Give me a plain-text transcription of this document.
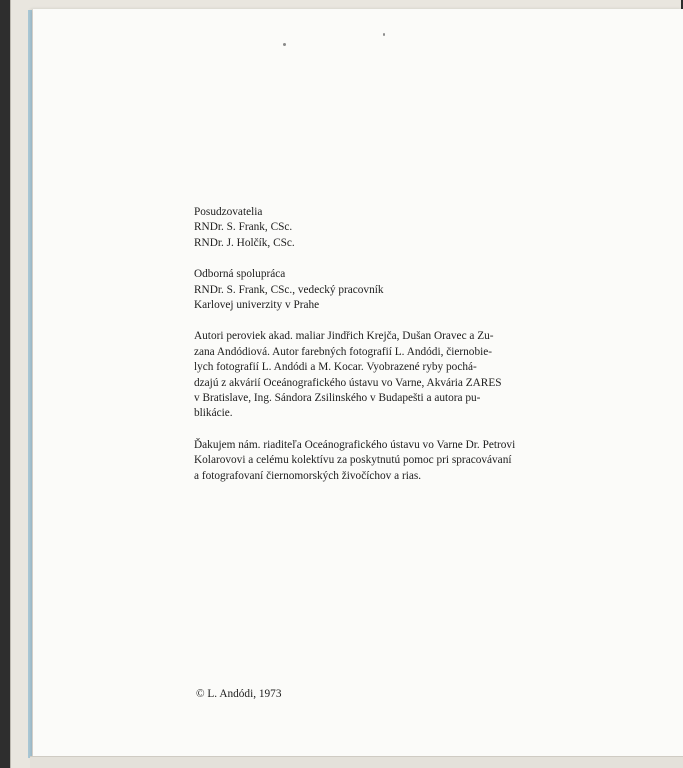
Posudzovatelia
RNDr. S. Frank, CSc.
RNDr. J. Holčík, CSc.

Odborná spolupráca
RNDr. S. Frank, CSc., vedecký pracovník
Karlovej univerzity v Prahe

Autori peroviek akad. maliar Jindřich Krejča, Dušan Oravec a Zu-
zana Andódiová. Autor farebných fotografií L. Andódi, čiernobie-
lych fotografií L. Andódi a M. Kocar. Vyobrazené ryby pochá-
dzajú z akvárií Oceánografického ústavu vo Varne, Akvária ZARES
v Bratislave, Ing. Sándora Zsilinského v Budapešti a autora pu-
blikácie.

Ďakujem nám. riaditeľa Oceánografického ústavu vo Varne Dr. Petrovi
Kolarovovi a celému kolektívu za poskytnutú pomoc pri spracovávaní
a fotografovaní čiernomorských živočíchov a rias.

© L. Andódi, 1973
